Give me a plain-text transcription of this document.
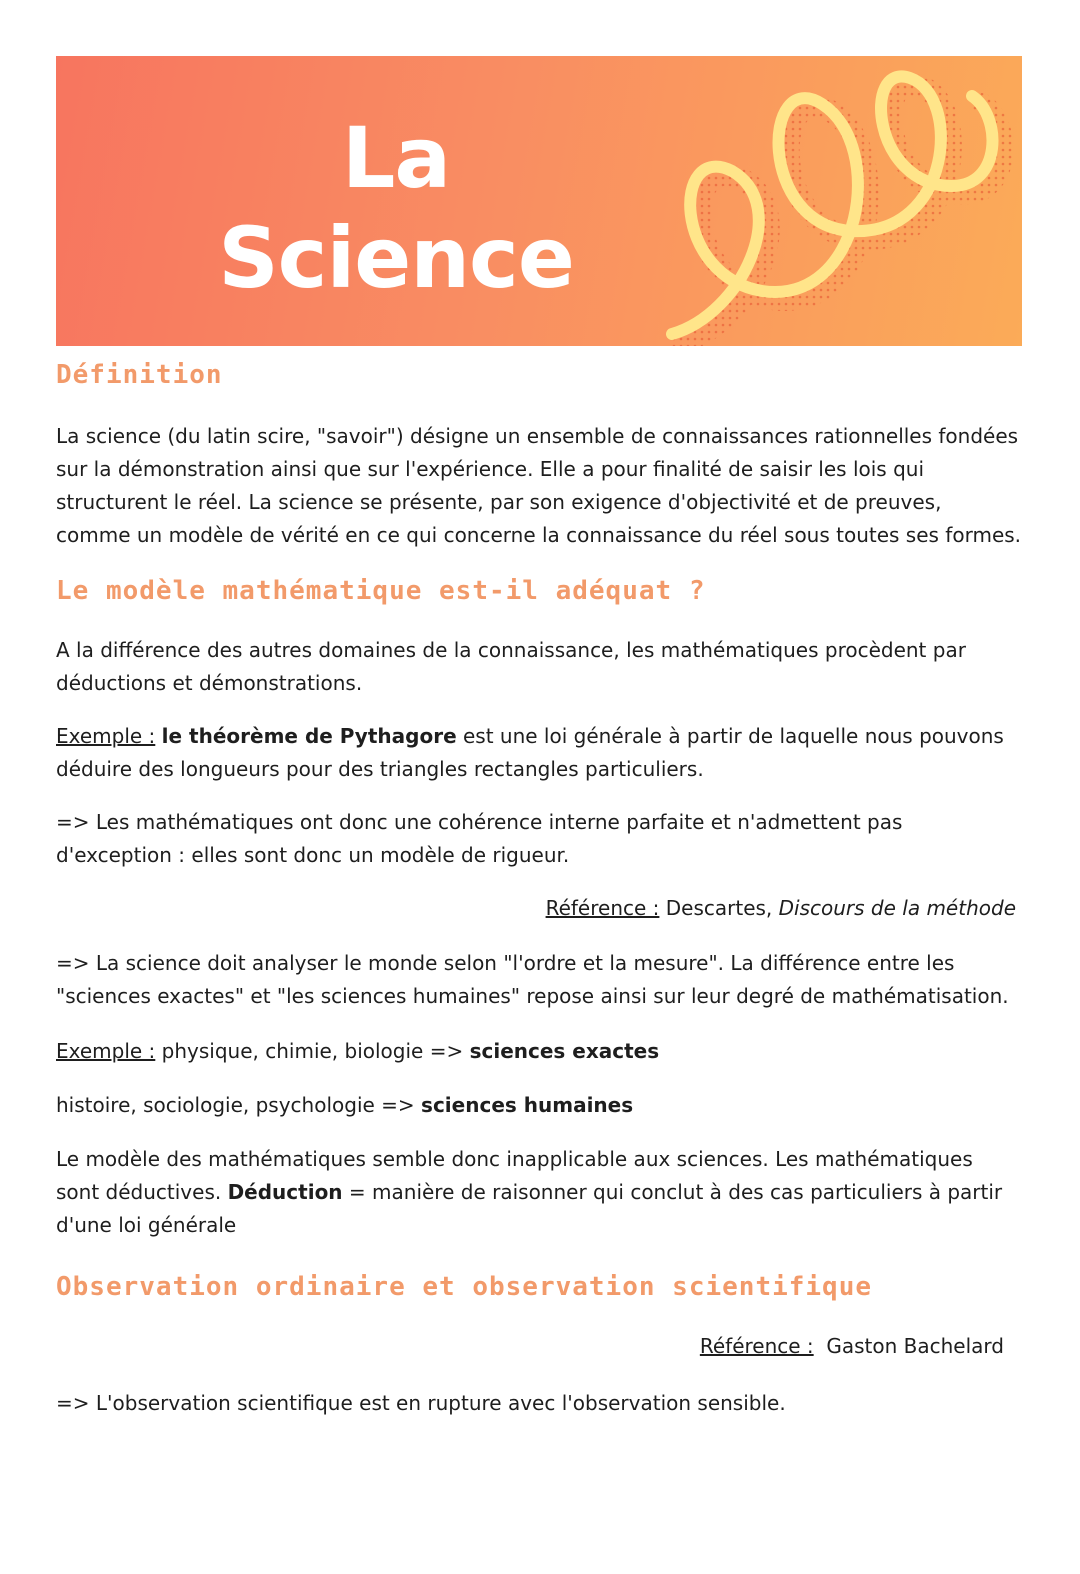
La
Science
Définition

La science (du latin scire, "savoir") désigne un ensemble de connaissances rationnelles fondées sur la démonstration ainsi que sur l'expérience. Elle a pour finalité de saisir les lois qui structurent le réel. La science se présente, par son exigence d'objectivité et de preuves, comme un modèle de vérité en ce qui concerne la connaissance du réel sous toutes ses formes.

Le modèle mathématique est-il adéquat ?

A la différence des autres domaines de la connaissance, les mathématiques procèdent par déductions et démonstrations.

Exemple : le théorème de Pythagore est une loi générale à partir de laquelle nous pouvons déduire des longueurs pour des triangles rectangles particuliers.

=> Les mathématiques ont donc une cohérence interne parfaite et n'admettent pas d'exception : elles sont donc un modèle de rigueur.

Référence : Descartes, Discours de la méthode

=> La science doit analyser le monde selon "l'ordre et la mesure". La différence entre les "sciences exactes" et "les sciences humaines" repose ainsi sur leur degré de mathématisation.

Exemple : physique, chimie, biologie => sciences exactes

histoire, sociologie, psychologie => sciences humaines

Le modèle des mathématiques semble donc inapplicable aux sciences. Les mathématiques sont déductives. Déduction = manière de raisonner qui conclut à des cas particuliers à partir d'une loi générale

Observation ordinaire et observation scientifique

Référence :  Gaston Bachelard

=> L'observation scientifique est en rupture avec l'observation sensible.
